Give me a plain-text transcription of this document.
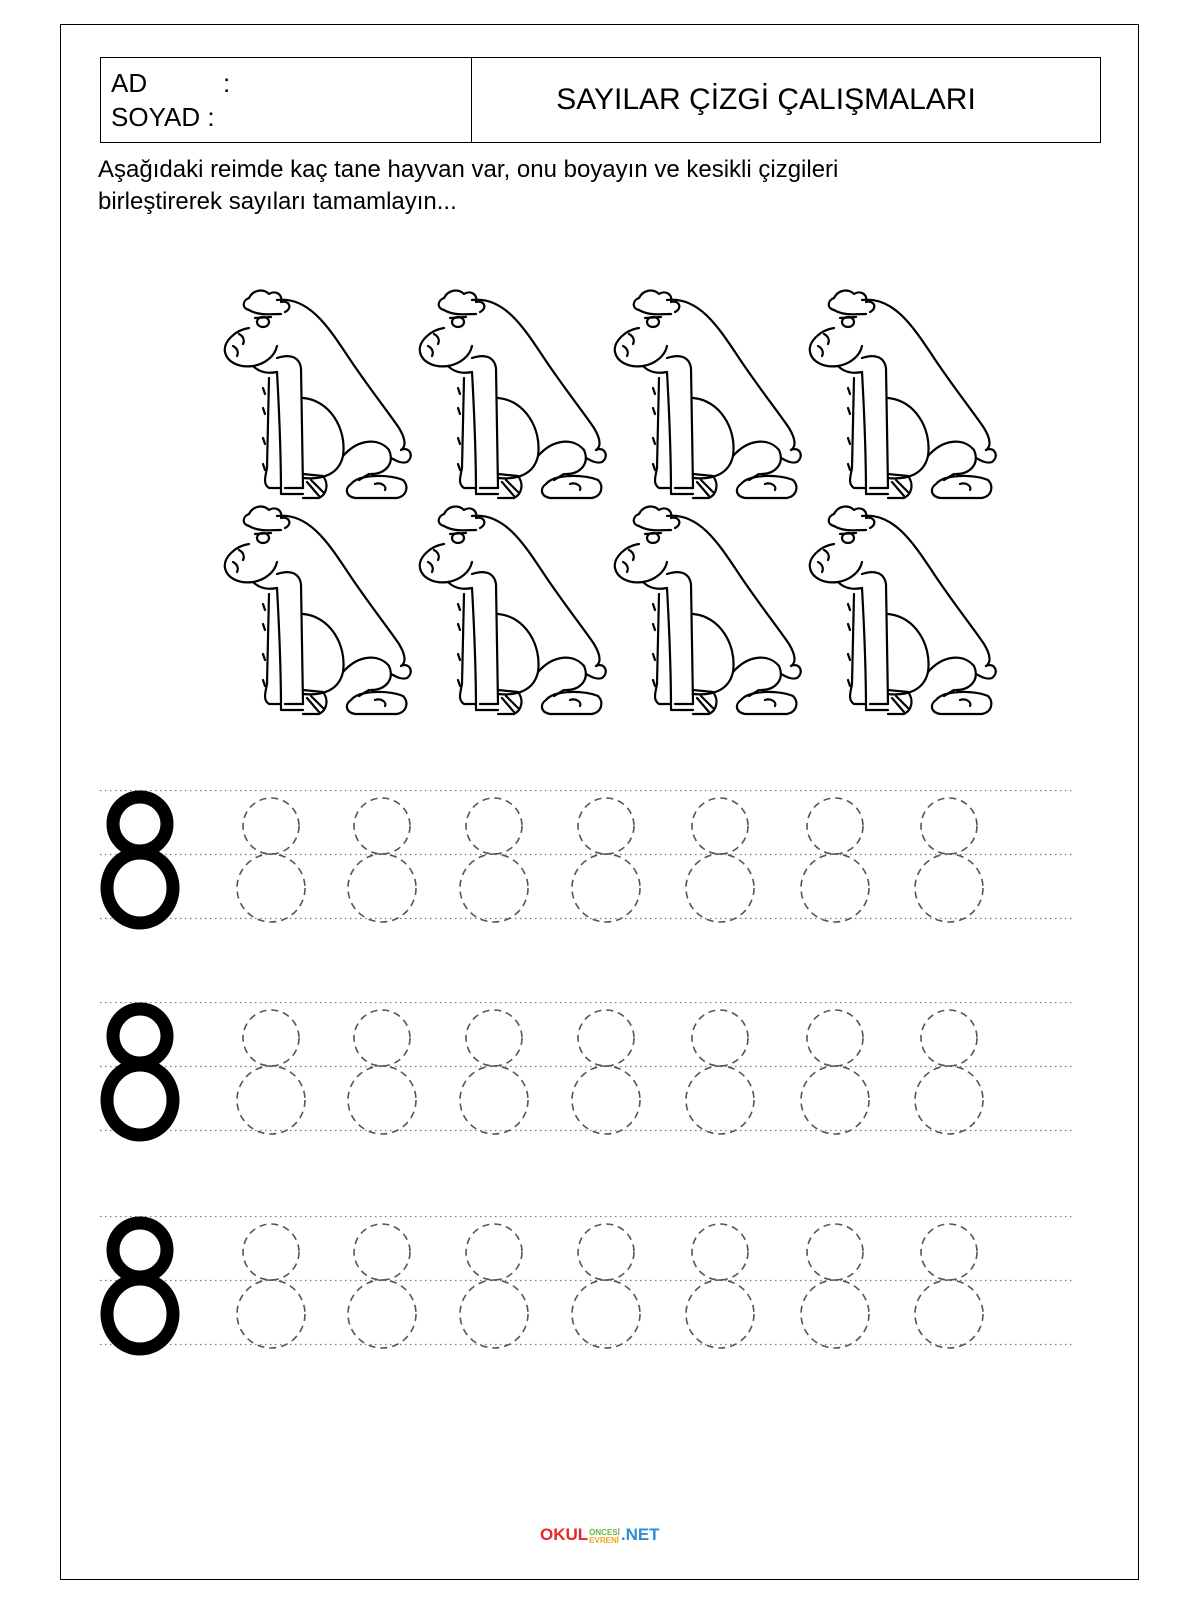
AD	:
SOYAD :
SAYILAR ÇİZGİ ÇALIŞMALARI
Aşağıdaki reimde kaç tane hayvan var, onu boyayın ve kesikli çizgileri
birleştirerek sayıları tamamlayın...
OKUL ÖNCESİ
EVRENİ .NET
